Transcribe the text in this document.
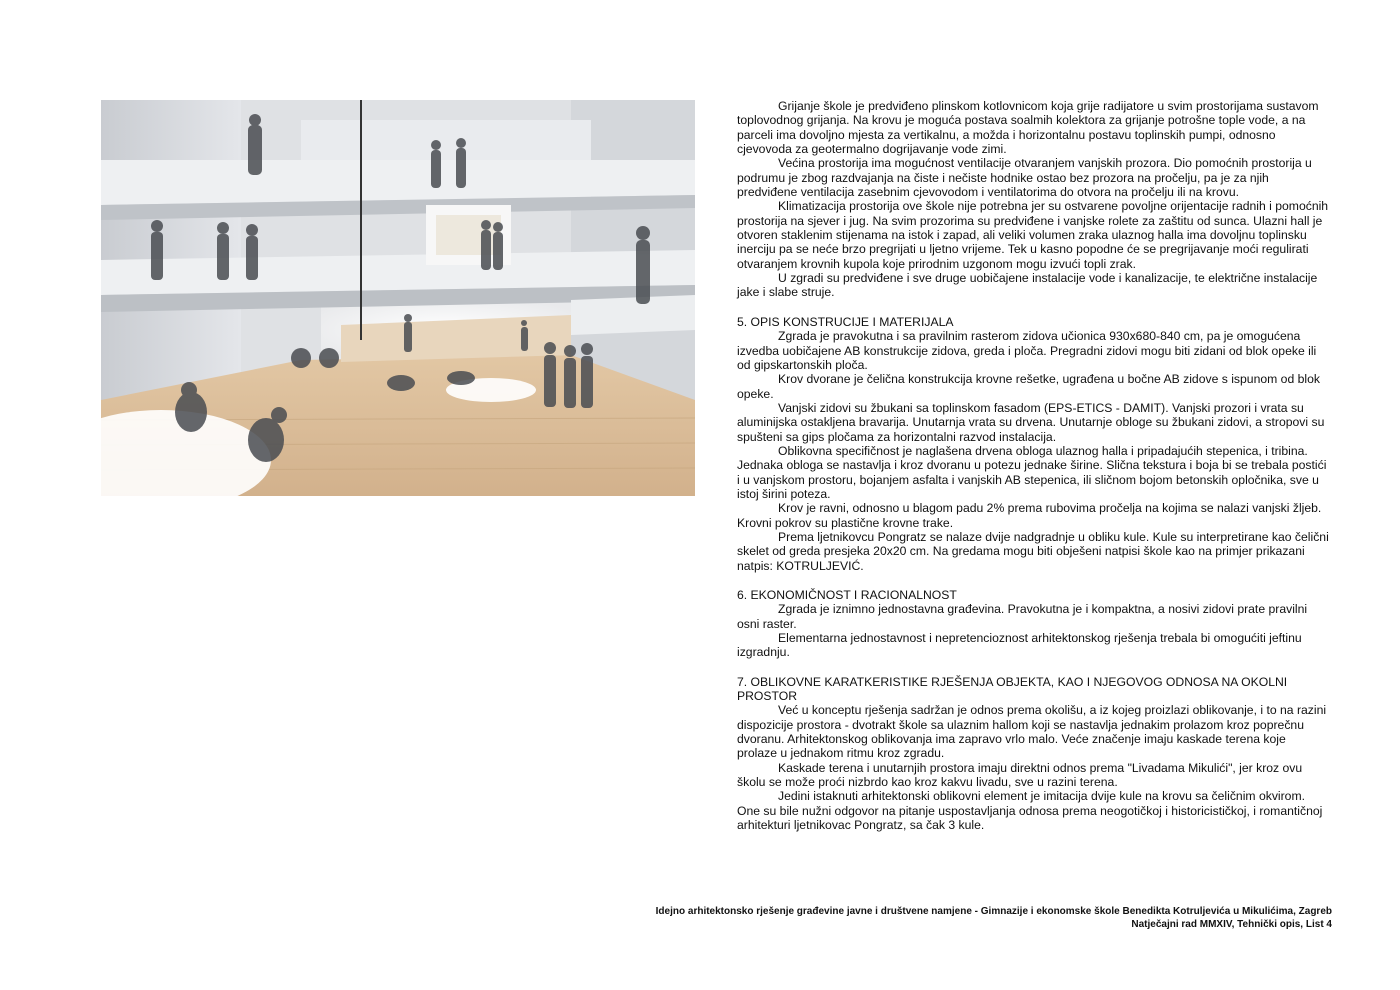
Grijanje škole je predviđeno plinskom kotlovnicom koja grije radijatore u svim prostorijama sustavom toplovodnog grijanja. Na krovu je moguća postava soalmih kolektora za grijanje potrošne tople vode, a na parceli ima dovoljno mjesta za vertikalnu, a možda i horizontalnu postavu toplinskih pumpi, odnosno cjevovoda za geotermalno dogrijavanje vode zimi.

Većina prostorija ima mogućnost ventilacije otvaranjem vanjskih prozora. Dio pomoćnih prostorija u podrumu je zbog razdvajanja na čiste i nečiste hodnike ostao bez prozora na pročelju, pa je za njih predviđene ventilacija zasebnim cjevovodom i ventilatorima do otvora na pročelju ili na krovu.

Klimatizacija prostorija ove škole nije potrebna jer su ostvarene povoljne orijentacije radnih i pomoćnih prostorija na sjever i jug. Na svim prozorima su predviđene i vanjske rolete za zaštitu od sunca. Ulazni hall je otvoren staklenim stijenama na istok i zapad, ali veliki volumen zraka ulaznog halla ima dovoljnu toplinsku inerciju pa se neće brzo pregrijati u ljetno vrijeme. Tek u kasno popodne će se pregrijavanje moći regulirati otvaranjem krovnih kupola koje prirodnim uzgonom mogu izvući topli zrak.

U zgradi su predviđene i sve druge uobičajene instalacije vode i kanalizacije, te električne instalacije jake i slabe struje.

5. OPIS KONSTRUCIJE I MATERIJALA

Zgrada je pravokutna i sa pravilnim rasterom zidova učionica 930x680-840 cm, pa je omogućena izvedba uobičajene AB konstrukcije zidova, greda i ploča. Pregradni zidovi mogu biti zidani od blok opeke ili od gipskartonskih ploča.

Krov dvorane je čelična konstrukcija krovne rešetke, ugrađena u bočne AB zidove s ispunom od blok opeke.

Vanjski zidovi su žbukani sa toplinskom fasadom (EPS-ETICS - DAMIT). Vanjski prozori i vrata su aluminijska ostakljena bravarija. Unutarnja vrata su drvena. Unutarnje obloge su žbukani zidovi, a stropovi su spušteni sa gips pločama za horizontalni razvod instalacija.

Oblikovna specifičnost je naglašena drvena obloga ulaznog halla i pripadajućih stepenica, i tribina. Jednaka obloga se nastavlja i kroz dvoranu u potezu jednake širine. Slična tekstura i boja bi se trebala postići i u vanjskom prostoru, bojanjem asfalta i vanjskih AB stepenica, ili sličnom bojom betonskih opločnika, sve u istoj širini poteza.

Krov je ravni, odnosno u blagom padu 2% prema rubovima pročelja na kojima se nalazi vanjski žljeb. Krovni pokrov su plastične krovne trake.

Prema ljetnikovcu Pongratz se nalaze dvije nadgradnje u obliku kule. Kule su interpretirane kao čelični skelet od greda presjeka 20x20 cm. Na gredama mogu biti obješeni natpisi škole kao na primjer prikazani natpis: KOTRULJEVIĆ.

6. EKONOMIČNOST I RACIONALNOST

Zgrada je iznimno jednostavna građevina. Pravokutna je i kompaktna, a nosivi zidovi prate pravilni osni raster.

Elementarna jednostavnost i nepretencioznost arhitektonskog rješenja trebala bi omogućiti jeftinu izgradnju.

7. OBLIKOVNE KARATKERISTIKE RJEŠENJA OBJEKTA, KAO I NJEGOVOG ODNOSA NA OKOLNI PROSTOR

Već u konceptu rješenja sadržan je odnos prema okolišu, a iz kojeg proizlazi oblikovanje, i to na razini dispozicije prostora - dvotrakt škole sa ulaznim hallom koji se nastavlja jednakim prolazom kroz poprečnu dvoranu. Arhitektonskog oblikovanja ima zapravo vrlo malo. Veće značenje imaju kaskade terena koje prolaze u jednakom ritmu kroz zgradu.

Kaskade terena i unutarnjih prostora imaju direktni odnos prema "Livadama Mikulići", jer kroz ovu školu se može proći nizbrdo kao kroz kakvu livadu, sve u razini terena.

Jedini istaknuti arhitektonski oblikovni element je imitacija dvije kule na krovu sa čeličnim okvirom. One su bile nužni odgovor na pitanje uspostavljanja odnosa prema neogotičkoj i historicističkoj, i romantičnoj arhitekturi ljetnikovac Pongratz, sa čak 3 kule.

Idejno arhitektonsko rješenje građevine javne i društvene namjene - Gimnazije i ekonomske škole Benedikta Kotruljevića u Mikulićima, Zagreb
Natječajni rad MMXIV, Tehnički opis, List 4
